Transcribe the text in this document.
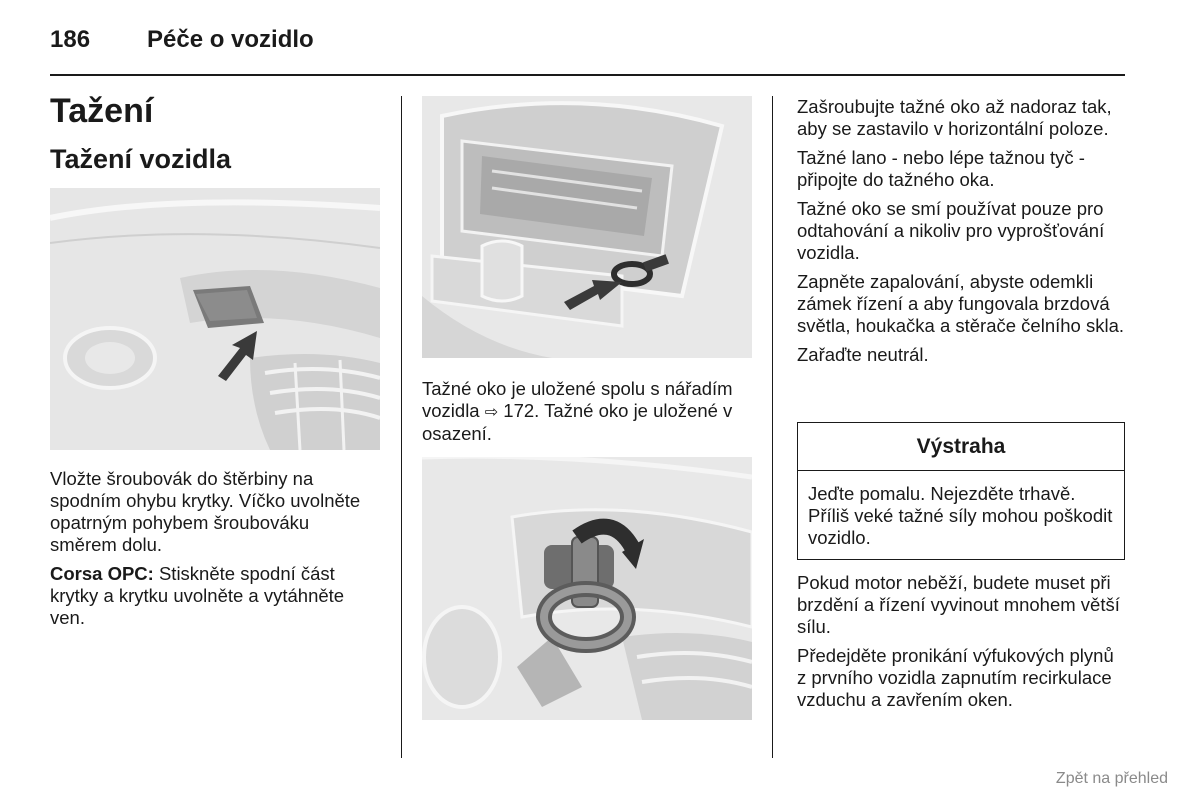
186 Péče o vozidlo
Tažení
Tažení vozidla

Vložte šroubovák do štěrbiny na spodním ohybu krytky. Víčko uvolněte opatrným pohybem šroubováku směrem dolu.

Corsa OPC: Stiskněte spodní část krytky a krytku uvolněte a vytáhněte ven.

Tažné oko je uložené spolu s nářadím vozidla ⇨ 172. Tažné oko je uložené v osazení.

Zašroubujte tažné oko až nadoraz tak, aby se zastavilo v horizontální poloze.

Tažné lano - nebo lépe tažnou tyč - připojte do tažného oka.

Tažné oko se smí používat pouze pro odtahování a nikoliv pro vyprošťování vozidla.

Zapněte zapalování, abyste odemkli zámek řízení a aby fungovala brzdová světla, houkačka a stěrače čelního skla.

Zařaďte neutrál.

Výstraha
Jeďte pomalu. Nejezděte trhavě. Příliš veké tažné síly mohou poškodit vozidlo.

Pokud motor neběží, budete muset při brzdění a řízení vyvinout mnohem větší sílu.

Předejděte pronikání výfukových plynů z prvního vozidla zapnutím recirkulace vzduchu a zavřením oken.

Zpět na přehled
